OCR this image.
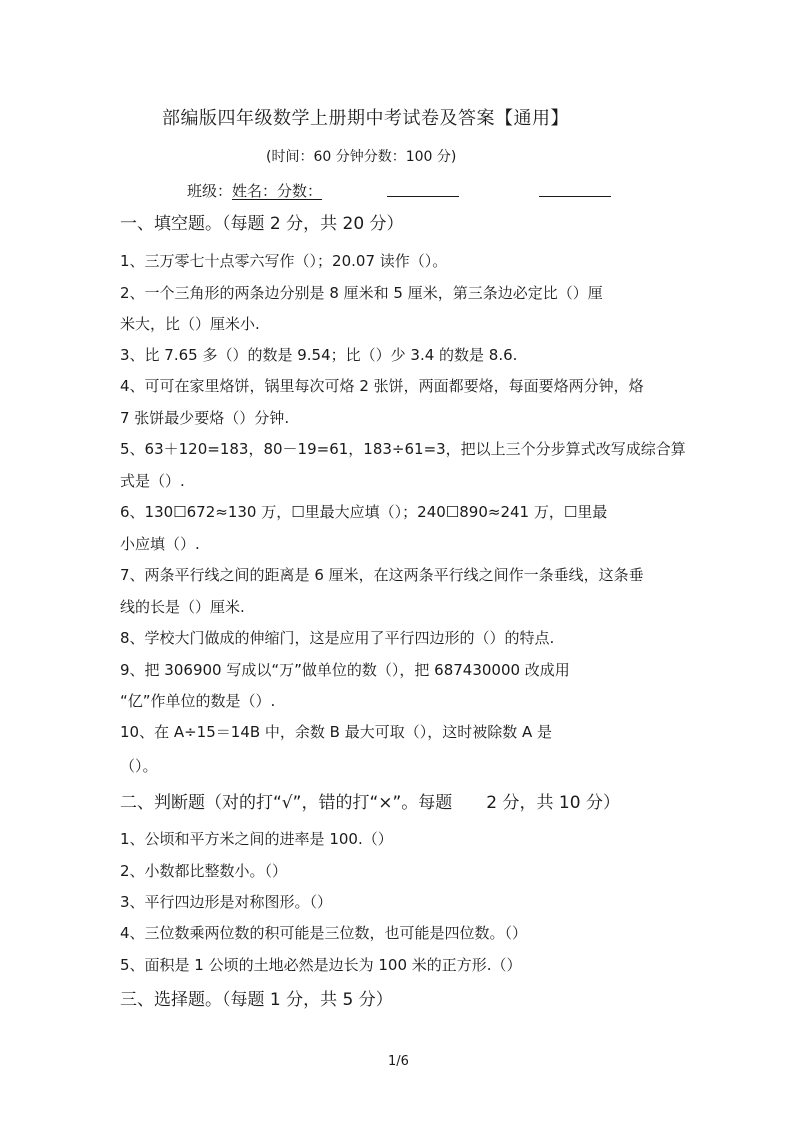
部编版四年级数学上册期中考试卷及答案【通用】
(时间：60 分钟分数：100 分)
班级：姓名：分数：
一、填空题。（每题 2 分，共 20 分）
1、三万零七十点零六写作（）；20.07 读作（）。
2、一个三角形的两条边分别是 8 厘米和 5 厘米，第三条边必定比（）厘
米大，比（）厘米小.
3、比 7.65 多（）的数是 9.54；比（）少 3.4 的数是 8.6.
4、可可在家里烙饼，锅里每次可烙 2 张饼，两面都要烙，每面要烙两分钟，烙
7 张饼最少要烙（）分钟.
5、63＋120=183，80－19=61，183÷61=3，把以上三个分步算式改写成综合算
式是（）.
6、130☐672≈130 万，☐里最大应填（）；240☐890≈241 万，☐里最
小应填（）.
7、两条平行线之间的距离是 6 厘米，在这两条平行线之间作一条垂线，这条垂
线的长是（）厘米.
8、学校大门做成的伸缩门，这是应用了平行四边形的（）的特点.
9、把 306900 写成以“万”做单位的数（），把 687430000 改成用
“亿”作单位的数是（）.
10、在 A÷15＝14B 中，余数 B 最大可取（），这时被除数 A 是
（）。
二、判断题（对的打“√”，错的打“×”。每题　　2 分，共 10 分）
1、公顷和平方米之间的进率是 100.（）
2、小数都比整数小。（）
3、平行四边形是对称图形。（）
4、三位数乘两位数的积可能是三位数，也可能是四位数。（）
5、面积是 1 公顷的土地必然是边长为 100 米的正方形.（）
三、选择题。（每题 1 分，共 5 分）
1/6
